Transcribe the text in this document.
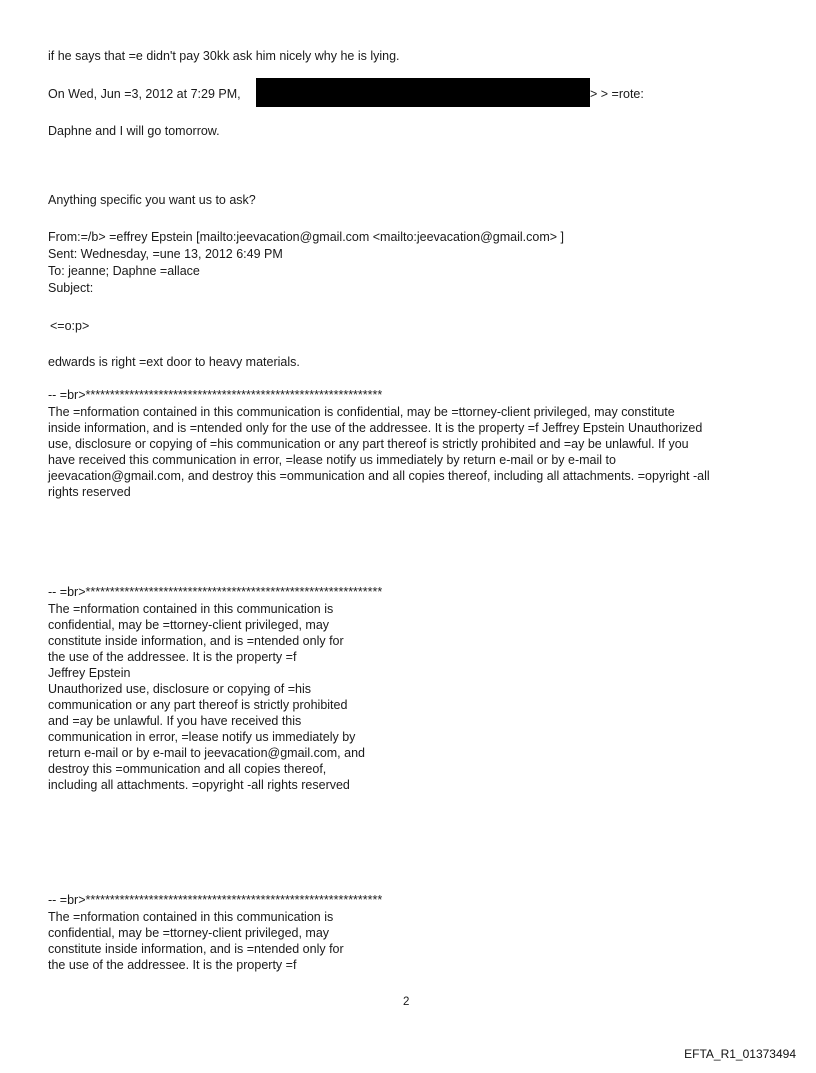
if he says that =e didn't pay 30kk ask him nicely why he is lying.
On Wed, Jun =3, 2012 at 7:29 PM,	> > =rote:
Daphne and I will go tomorrow.
Anything specific you want us to ask?
From:=/b> =effrey Epstein [mailto:jeevacation@gmail.com <mailto:jeevacation@gmail.com> ]
Sent: Wednesday, =une 13, 2012 6:49 PM
To: jeanne; Daphne =allace
Subject:
<=o:p>
edwards is right =ext door to heavy materials.
-- =br>*************************************************************
The =nformation contained in this communication is confidential, may be =ttorney-client privileged, may constitute
inside information, and is =ntended only for the use of the addressee. It is the property =f Jeffrey Epstein Unauthorized
use, disclosure or copying of =his communication or any part thereof is strictly prohibited and =ay be unlawful. If you
have received this communication in error, =lease notify us immediately by return e-mail or by e-mail to
jeevacation@gmail.com, and destroy this =ommunication and all copies thereof, including all attachments. =opyright -all
rights reserved
-- =br>*************************************************************
The =nformation contained in this communication is
confidential, may be =ttorney-client privileged, may
constitute inside information, and is =ntended only for
the use of the addressee. It is the property =f
Jeffrey Epstein
Unauthorized use, disclosure or copying of =his
communication or any part thereof is strictly prohibited
and =ay be unlawful. If you have received this
communication in error, =lease notify us immediately by
return e-mail or by e-mail to jeevacation@gmail.com, and
destroy this =ommunication and all copies thereof,
including all attachments. =opyright -all rights reserved
-- =br>*************************************************************
The =nformation contained in this communication is
confidential, may be =ttorney-client privileged, may
constitute inside information, and is =ntended only for
the use of the addressee. It is the property =f
2
EFTA_R1_01373494
